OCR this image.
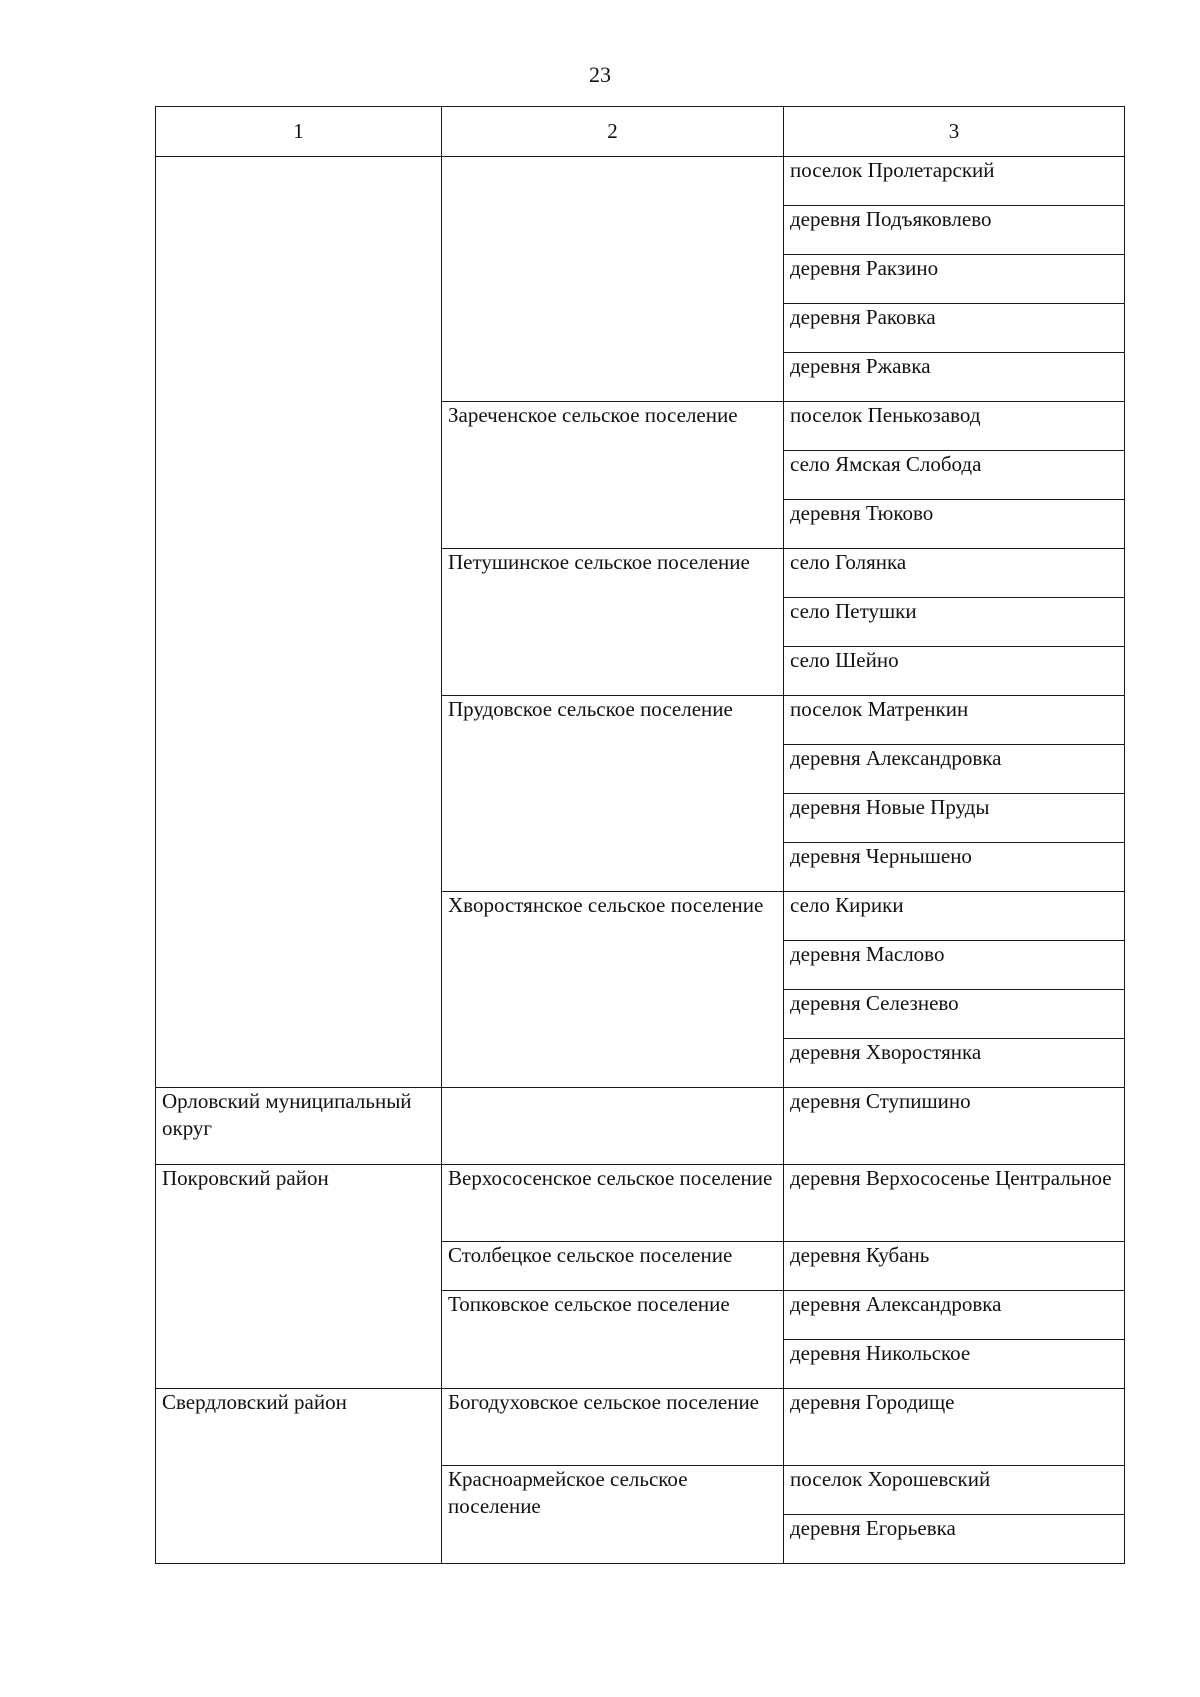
23
1	2	3
		поселок Пролетарский
		деревня Подъяковлево
		деревня Ракзино
		деревня Раковка
		деревня Ржавка
	Зареченское сельское поселение	поселок Пенькозавод
		село Ямская Слобода
		деревня Тюково
	Петушинское сельское поселение	село Голянка
		село Петушки
		село Шейно
	Прудовское сельское поселение	поселок Матренкин
		деревня Александровка
		деревня Новые Пруды
		деревня Чернышено
	Хворостянское сельское поселение	село Кирики
		деревня Маслово
		деревня Селезнево
		деревня Хворостянка
Орловский муниципальный округ		деревня Ступишино
Покровский район	Верхососенское сельское поселение	деревня Верхососенье Центральное
	Столбецкое сельское поселение	деревня Кубань
	Топковское сельское поселение	деревня Александровка
		деревня Никольское
Свердловский район	Богодуховское сельское поселение	деревня Городище
	Красноармейское сельское поселение	поселок Хорошевский
		деревня Егорьевка
